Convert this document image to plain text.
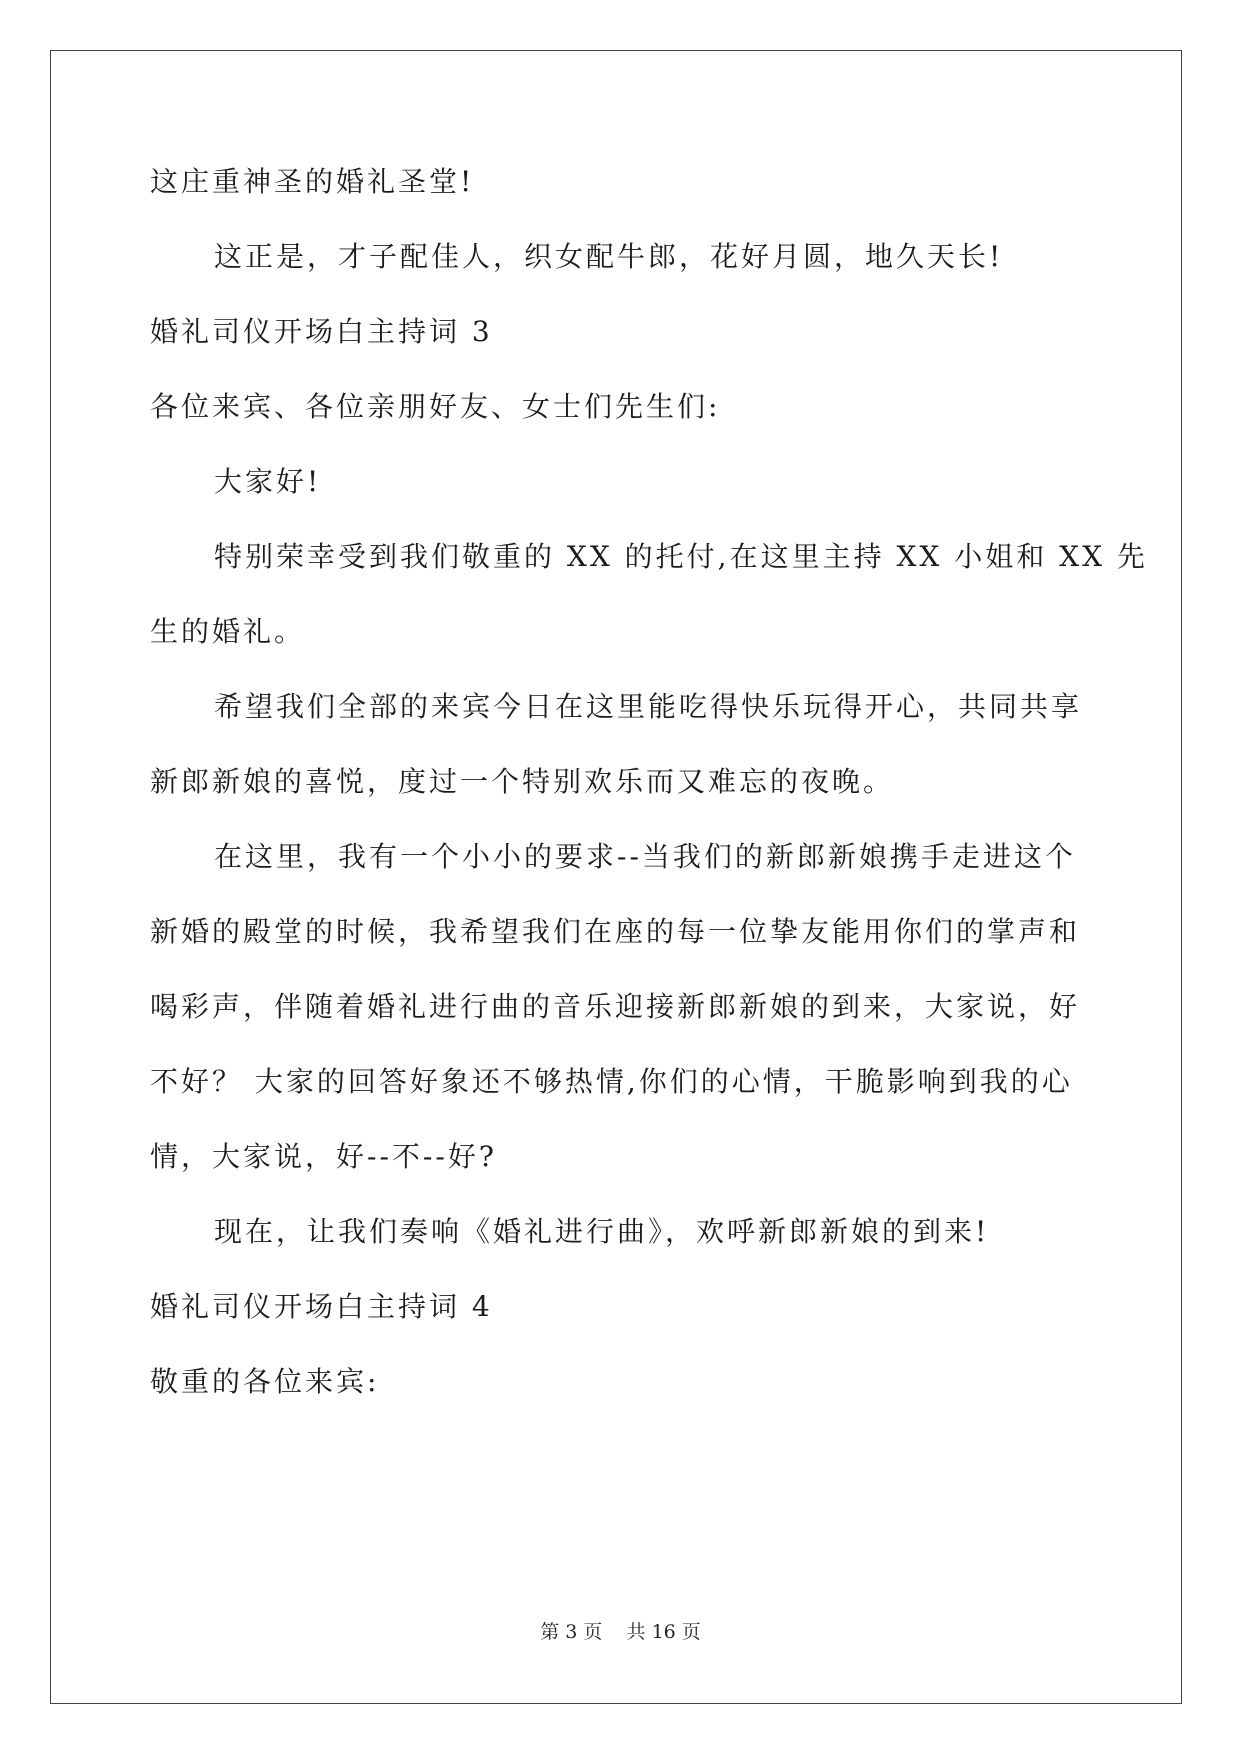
这庄重神圣的婚礼圣堂!
这正是，才子配佳人，织女配牛郎，花好月圆，地久天长!
婚礼司仪开场白主持词 3
各位来宾、各位亲朋好友、女士们先生们:
大家好!
特别荣幸受到我们敬重的 XX 的托付,在这里主持 XX 小姐和 XX 先
生的婚礼。
希望我们全部的来宾今日在这里能吃得快乐玩得开心，共同共享
新郎新娘的喜悦，度过一个特别欢乐而又难忘的夜晚。
在这里，我有一个小小的要求--当我们的新郎新娘携手走进这个
新婚的殿堂的时候，我希望我们在座的每一位挚友能用你们的掌声和
喝彩声，伴随着婚礼进行曲的音乐迎接新郎新娘的到来，大家说，好
不好？ 大家的回答好象还不够热情,你们的心情，干脆影响到我的心
情，大家说，好--不--好?
现在，让我们奏响《婚礼进行曲》，欢呼新郎新娘的到来!
婚礼司仪开场白主持词 4
敬重的各位来宾:
第 3 页    共 16 页
